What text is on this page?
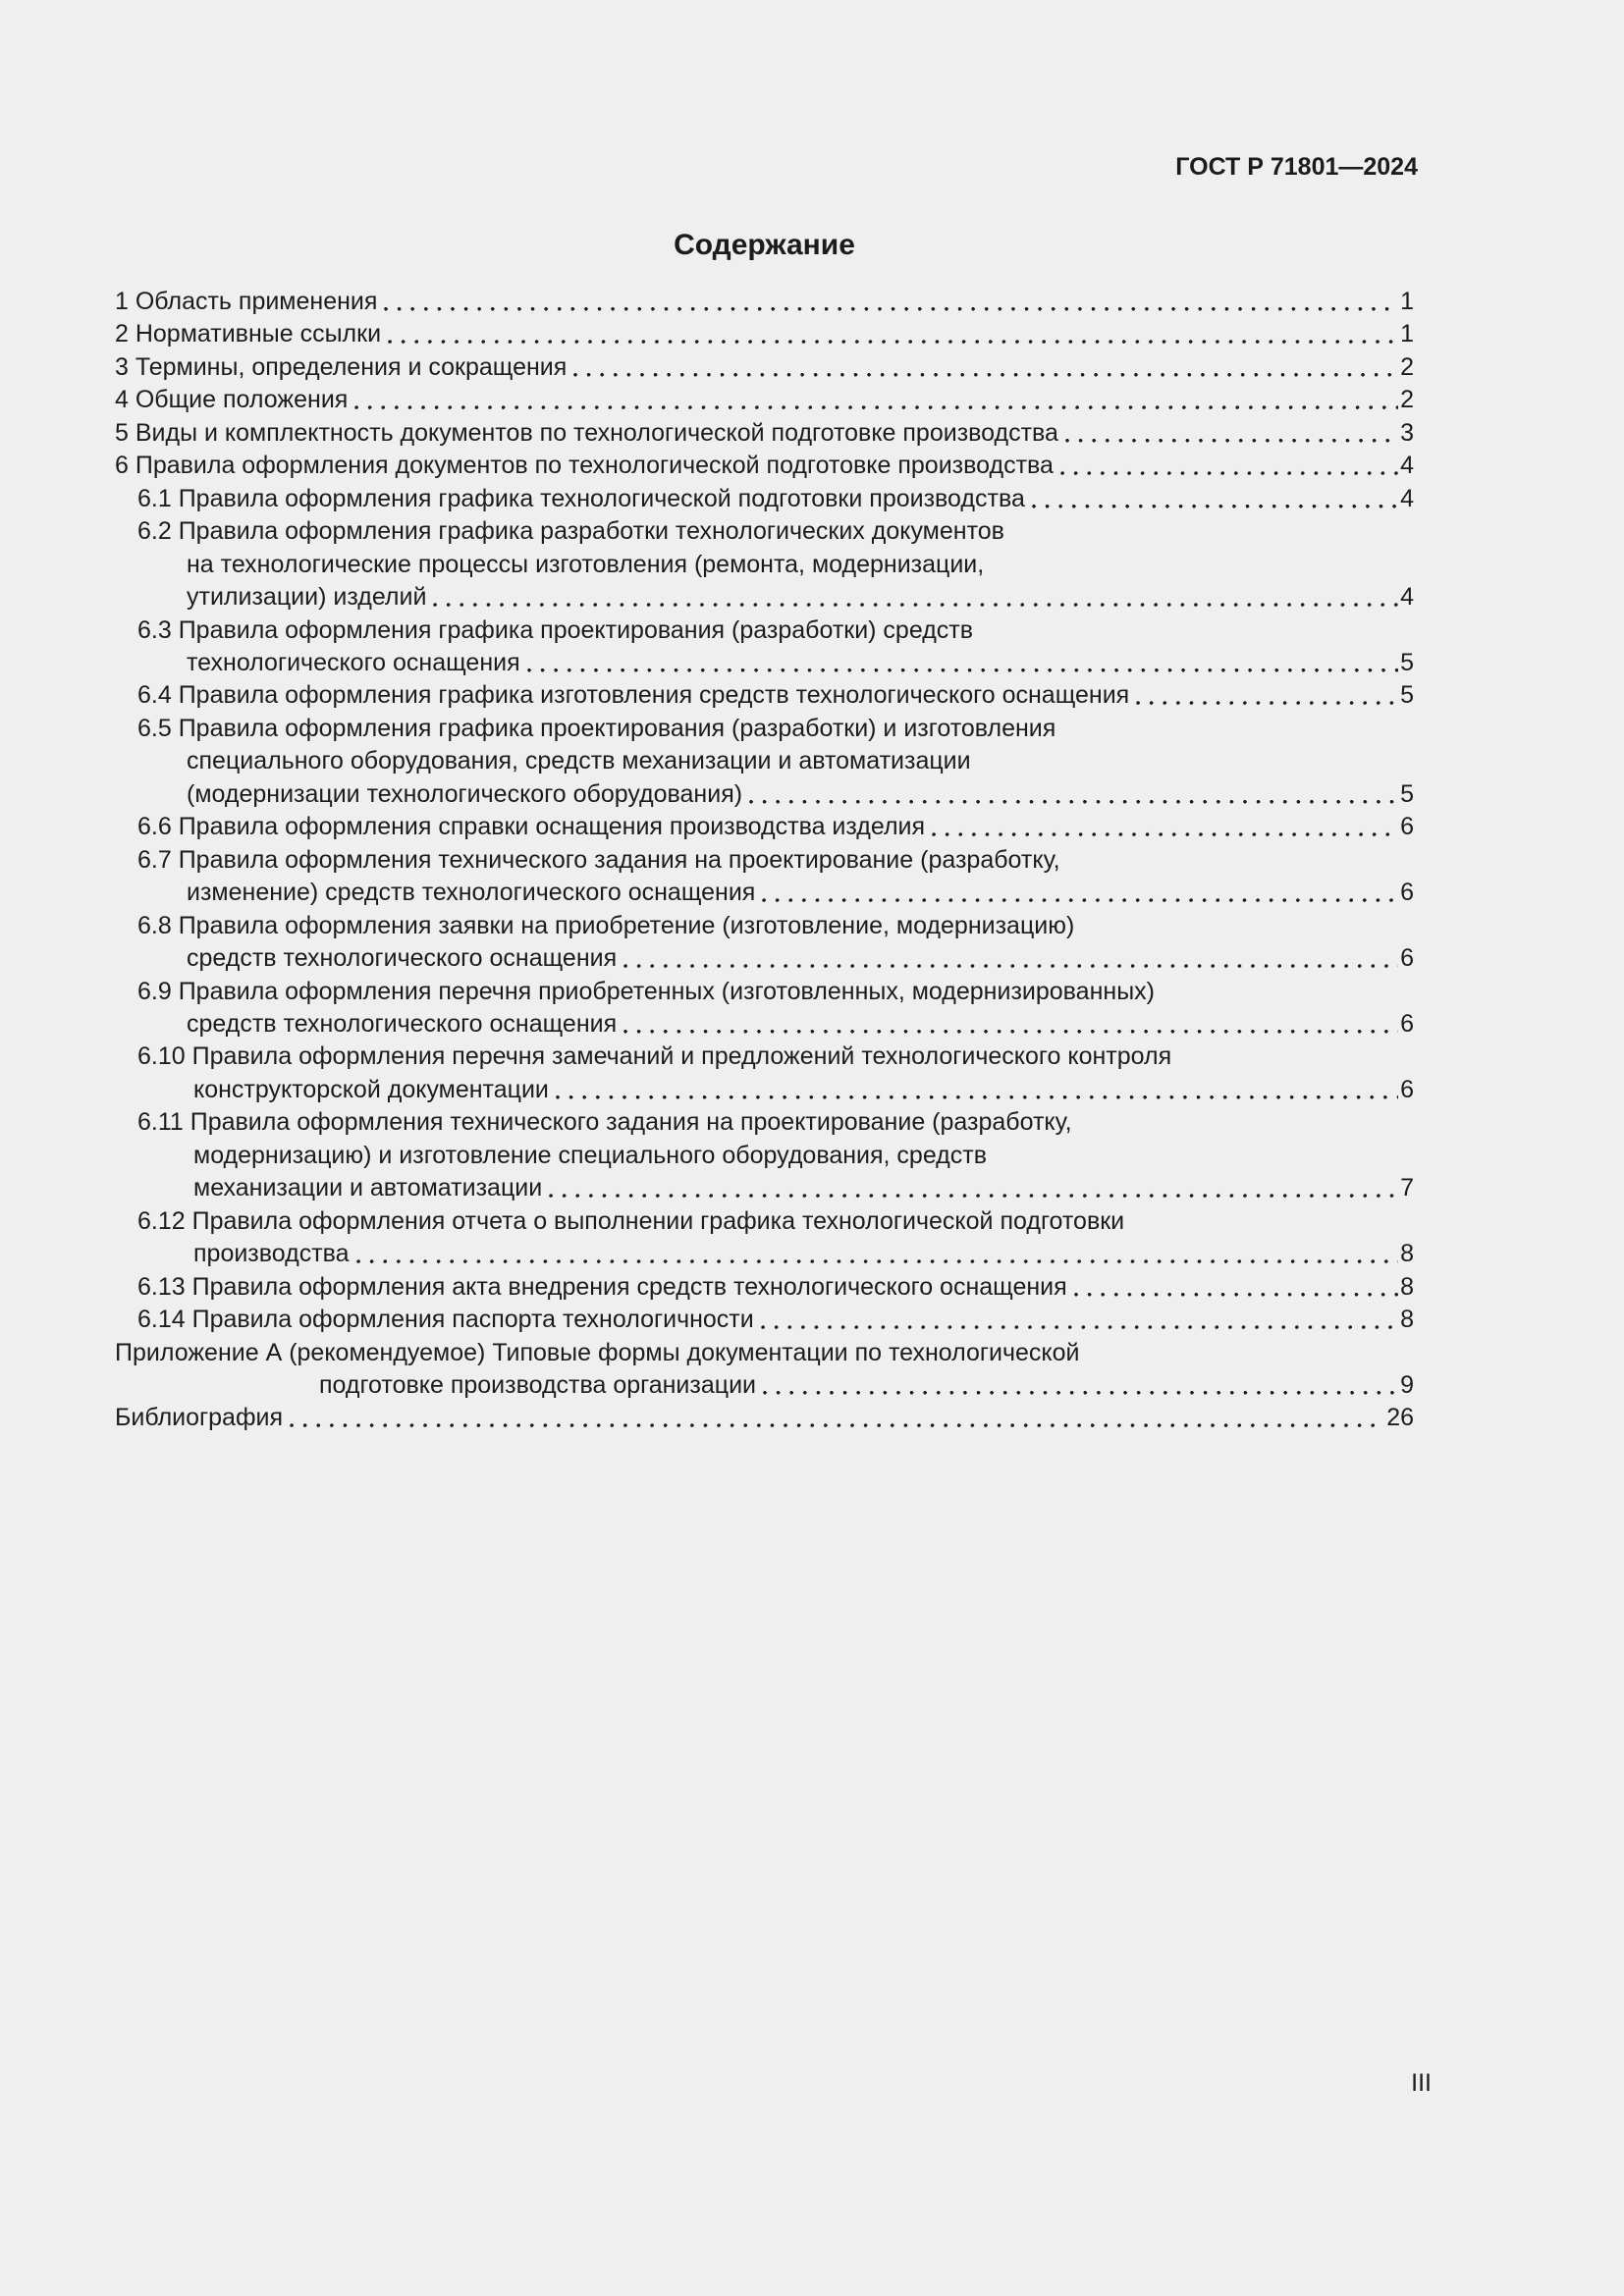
ГОСТ Р 71801—2024
Содержание
1 Область применения	1
2 Нормативные ссылки	1
3 Термины, определения и сокращения	2
4 Общие положения	2
5 Виды и комплектность документов по технологической подготовке производства	3
6 Правила оформления документов по технологической подготовке производства	4
6.1 Правила оформления графика технологической подготовки производства	4
6.2 Правила оформления графика разработки технологических документов
на технологические процессы изготовления (ремонта, модернизации,
утилизации) изделий	4
6.3 Правила оформления графика проектирования (разработки) средств
технологического оснащения	5
6.4 Правила оформления графика изготовления средств технологического оснащения	5
6.5 Правила оформления графика проектирования (разработки) и изготовления
специального оборудования, средств механизации и автоматизации
(модернизации технологического оборудования)	5
6.6 Правила оформления справки оснащения производства изделия	6
6.7 Правила оформления технического задания на проектирование (разработку,
изменение) средств технологического оснащения	6
6.8 Правила оформления заявки на приобретение (изготовление, модернизацию)
средств технологического оснащения	6
6.9 Правила оформления перечня приобретенных (изготовленных, модернизированных)
средств технологического оснащения	6
6.10 Правила оформления перечня замечаний и предложений технологического контроля
конструкторской документации	6
6.11 Правила оформления технического задания на проектирование (разработку,
модернизацию) и изготовление специального оборудования, средств
механизации и автоматизации	7
6.12 Правила оформления отчета о выполнении графика технологической подготовки
производства	8
6.13 Правила оформления акта внедрения средств технологического оснащения	8
6.14 Правила оформления паспорта технологичности	8
Приложение А (рекомендуемое) Типовые формы документации по технологической
подготовке производства организации	9
Библиография	26
III
